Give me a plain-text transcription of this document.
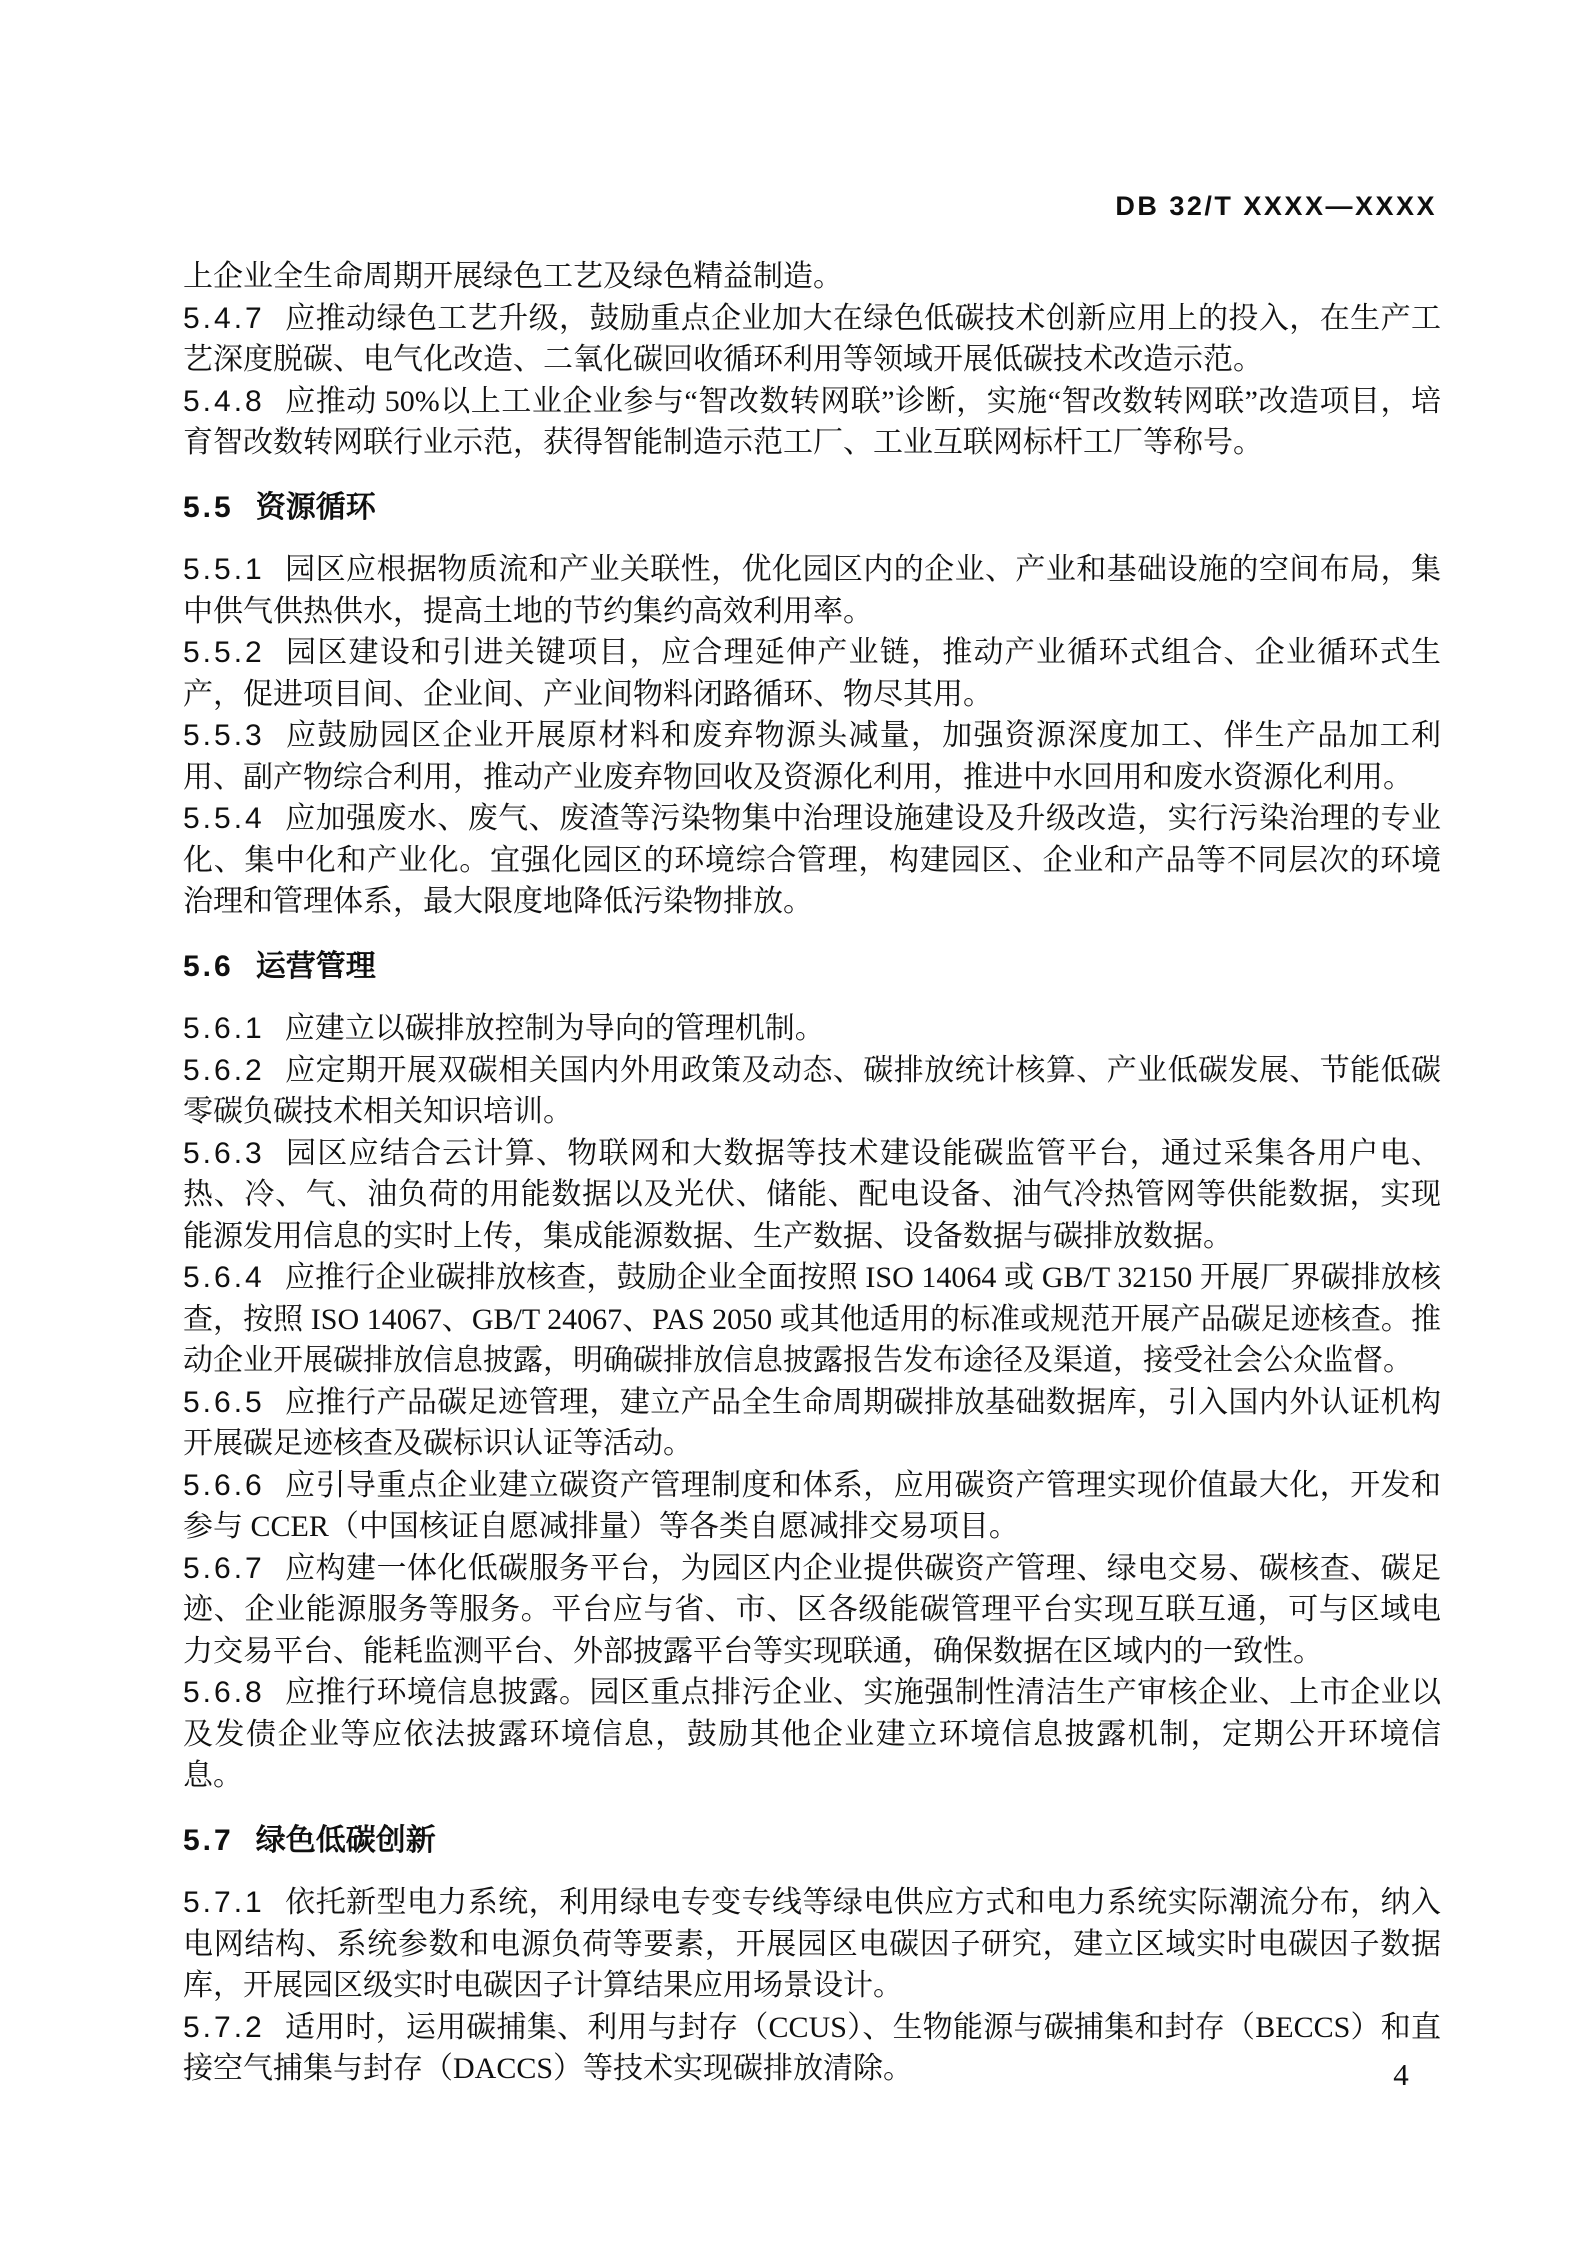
DB 32/T XXXX—XXXX

上企业全生命周期开展绿色工艺及绿色精益制造。

5.4.7 应推动绿色工艺升级，鼓励重点企业加大在绿色低碳技术创新应用上的投入，在生产工艺深度脱碳、电气化改造、二氧化碳回收循环利用等领域开展低碳技术改造示范。

5.4.8 应推动 50%以上工业企业参与“智改数转网联”诊断，实施“智改数转网联”改造项目，培育智改数转网联行业示范，获得智能制造示范工厂、工业互联网标杆工厂等称号。

5.5 资源循环

5.5.1 园区应根据物质流和产业关联性，优化园区内的企业、产业和基础设施的空间布局，集中供气供热供水，提高土地的节约集约高效利用率。

5.5.2 园区建设和引进关键项目，应合理延伸产业链，推动产业循环式组合、企业循环式生产，促进项目间、企业间、产业间物料闭路循环、物尽其用。

5.5.3 应鼓励园区企业开展原材料和废弃物源头减量，加强资源深度加工、伴生产品加工利用、副产物综合利用，推动产业废弃物回收及资源化利用，推进中水回用和废水资源化利用。

5.5.4 应加强废水、废气、废渣等污染物集中治理设施建设及升级改造，实行污染治理的专业化、集中化和产业化。宜强化园区的环境综合管理，构建园区、企业和产品等不同层次的环境治理和管理体系，最大限度地降低污染物排放。

5.6 运营管理

5.6.1 应建立以碳排放控制为导向的管理机制。

5.6.2 应定期开展双碳相关国内外用政策及动态、碳排放统计核算、产业低碳发展、节能低碳零碳负碳技术相关知识培训。

5.6.3 园区应结合云计算、物联网和大数据等技术建设能碳监管平台，通过采集各用户电、热、冷、气、油负荷的用能数据以及光伏、储能、配电设备、油气冷热管网等供能数据，实现能源发用信息的实时上传，集成能源数据、生产数据、设备数据与碳排放数据。

5.6.4 应推行企业碳排放核查，鼓励企业全面按照 ISO 14064 或 GB/T 32150 开展厂界碳排放核查，按照 ISO 14067、GB/T 24067、PAS 2050 或其他适用的标准或规范开展产品碳足迹核查。推动企业开展碳排放信息披露，明确碳排放信息披露报告发布途径及渠道，接受社会公众监督。

5.6.5 应推行产品碳足迹管理，建立产品全生命周期碳排放基础数据库，引入国内外认证机构开展碳足迹核查及碳标识认证等活动。

5.6.6 应引导重点企业建立碳资产管理制度和体系，应用碳资产管理实现价值最大化，开发和参与 CCER（中国核证自愿减排量）等各类自愿减排交易项目。

5.6.7 应构建一体化低碳服务平台，为园区内企业提供碳资产管理、绿电交易、碳核查、碳足迹、企业能源服务等服务。平台应与省、市、区各级能碳管理平台实现互联互通，可与区域电力交易平台、能耗监测平台、外部披露平台等实现联通，确保数据在区域内的一致性。

5.6.8 应推行环境信息披露。园区重点排污企业、实施强制性清洁生产审核企业、上市企业以及发债企业等应依法披露环境信息，鼓励其他企业建立环境信息披露机制，定期公开环境信息。

5.7 绿色低碳创新

5.7.1 依托新型电力系统，利用绿电专变专线等绿电供应方式和电力系统实际潮流分布，纳入电网结构、系统参数和电源负荷等要素，开展园区电碳因子研究，建立区域实时电碳因子数据库，开展园区级实时电碳因子计算结果应用场景设计。

5.7.2 适用时，运用碳捕集、利用与封存（CCUS）、生物能源与碳捕集和封存（BECCS）和直接空气捕集与封存（DACCS）等技术实现碳排放清除。	4
